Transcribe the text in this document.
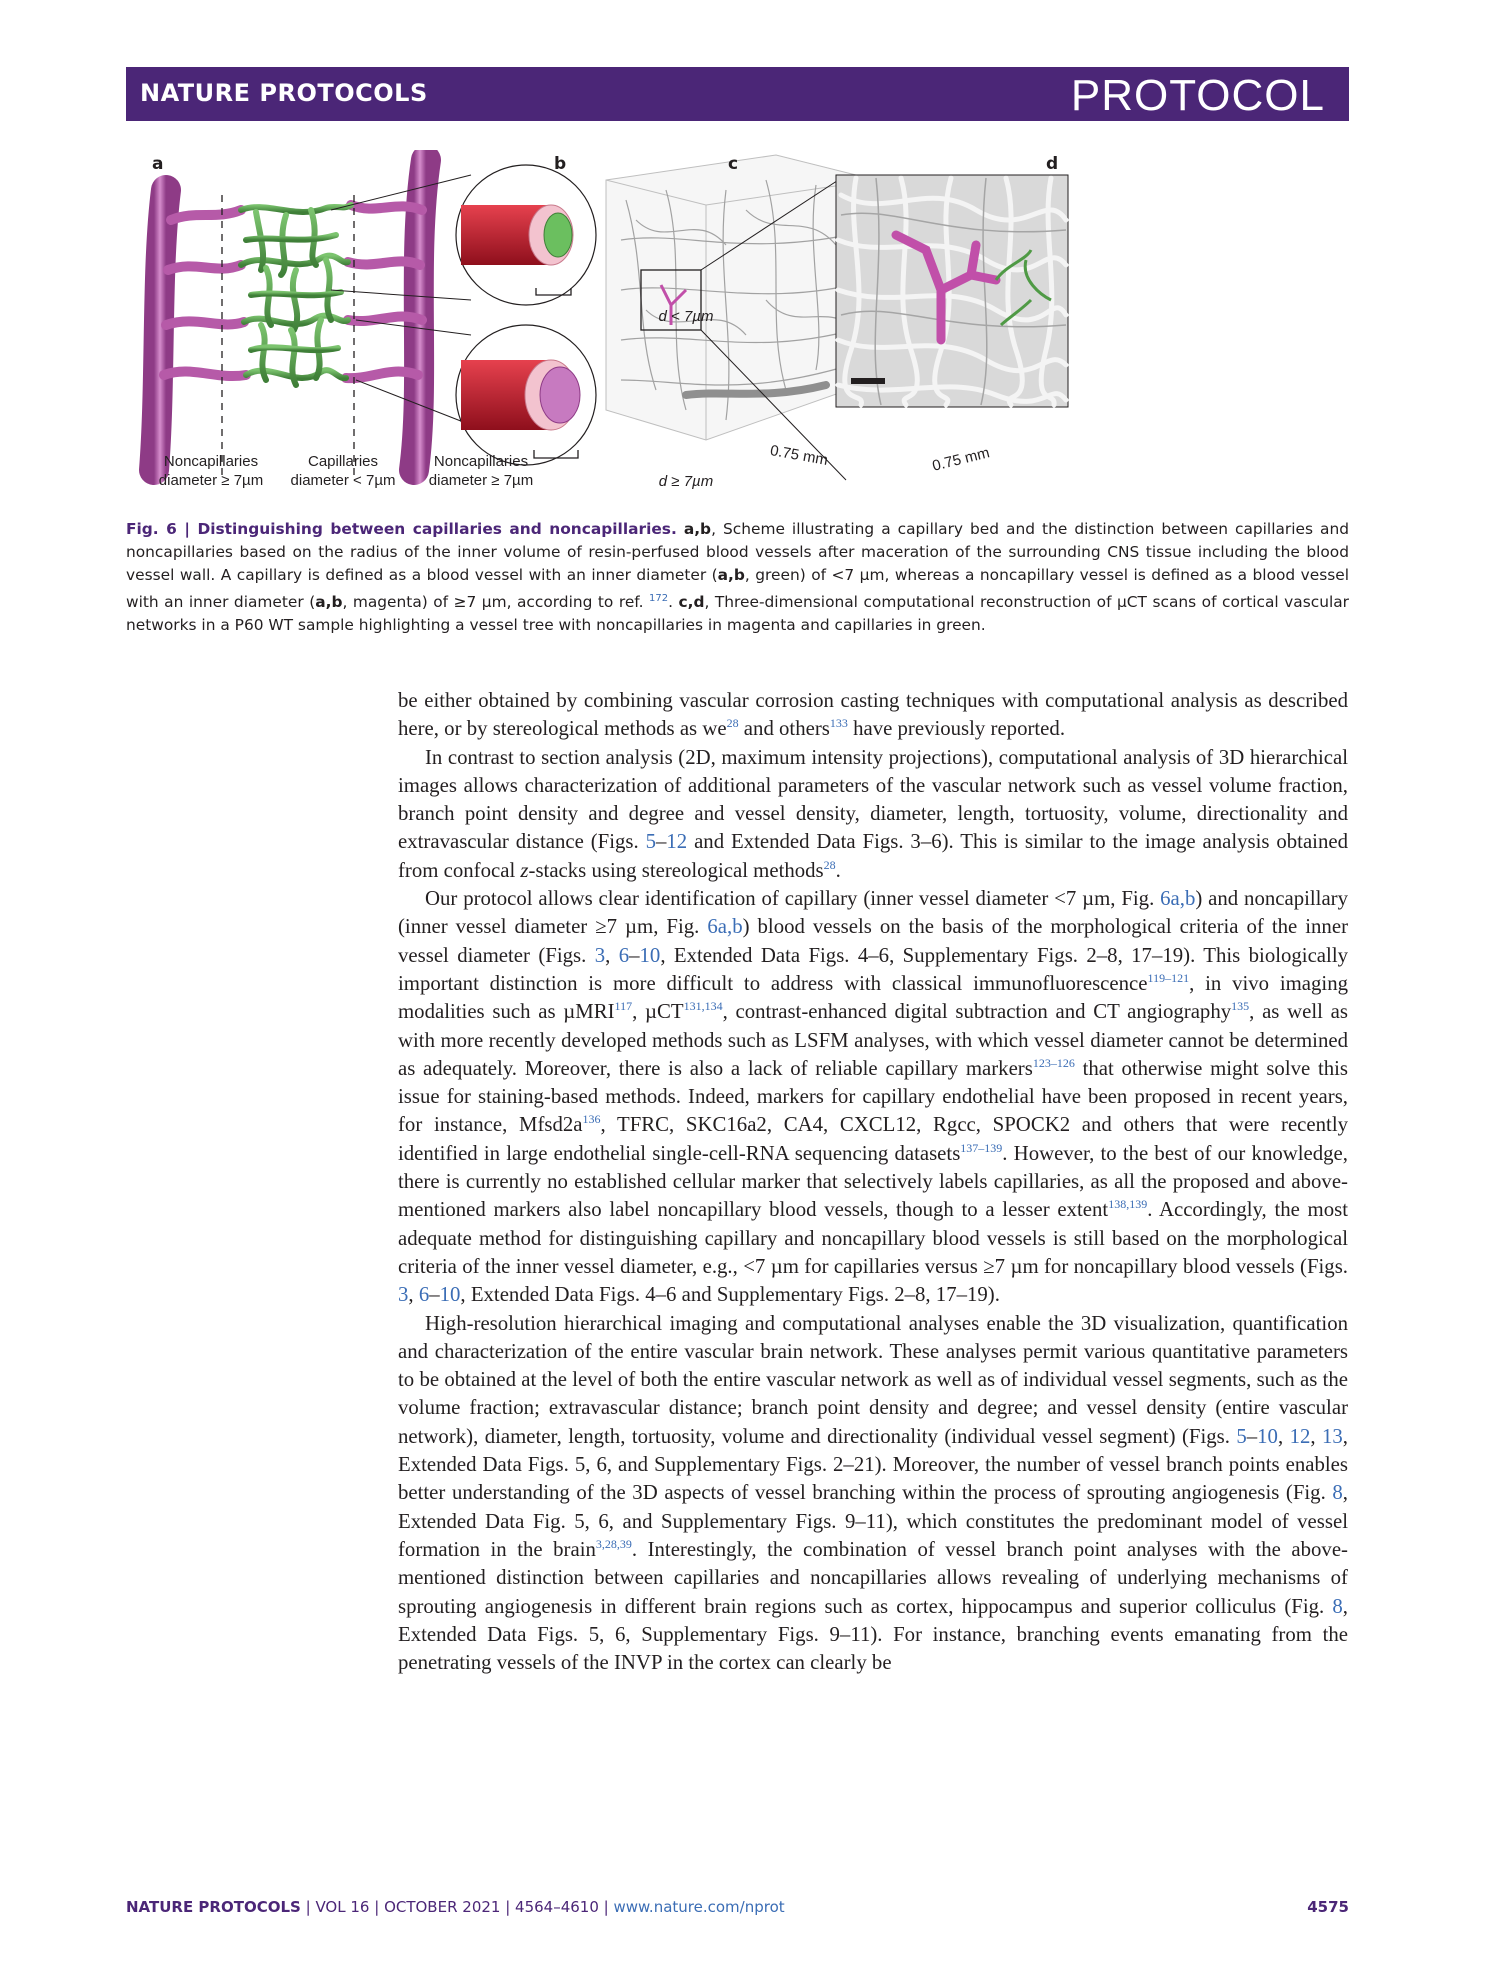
NATURE PROTOCOLS	PROTOCOL
a	b	c	d
Noncapillaries
diameter ≥ 7µm
Capillaries
diameter < 7µm
Noncapillaries
diameter ≥ 7µm
d < 7µm
d ≥ 7µm
0.75 mm	0.75 mm
Fig. 6 | Distinguishing between capillaries and noncapillaries. a,b, Scheme illustrating a capillary bed and the distinction between capillaries and noncapillaries based on the radius of the inner volume of resin-perfused blood vessels after maceration of the surrounding CNS tissue including the blood vessel wall. A capillary is defined as a blood vessel with an inner diameter (a,b, green) of <7 µm, whereas a noncapillary vessel is defined as a blood vessel with an inner diameter (a,b, magenta) of ≥7 µm, according to ref. $^{172}$. c,d, Three-dimensional computational reconstruction of µCT scans of cortical vascular networks in a P60 WT sample highlighting a vessel tree with noncapillaries in magenta and capillaries in green.

be either obtained by combining vascular corrosion casting techniques with computational analysis as described here, or by stereological methods as $we^{28}$ and others$^{133}$ have previously reported.

In contrast to section analysis (2D, maximum intensity projections), computational analysis of 3D hierarchical images allows characterization of additional parameters of the vascular network such as vessel volume fraction, branch point density and degree and vessel density, diameter, length, tortuosity, volume, directionality and extravascular distance (Figs. 5–12 and Extended Data Figs. 3–6). This is similar to the image analysis obtained from confocal z-stacks using stereological methods$^{28}$.

Our protocol allows clear identification of capillary (inner vessel diameter <7 µm, Fig. 6a,b) and noncapillary (inner vessel diameter ≥7 µm, Fig. 6a,b) blood vessels on the basis of the morphological criteria of the inner vessel diameter (Figs. 3, 6–10, Extended Data Figs. 4–6, Supplementary Figs. 2–8, 17–19). This biologically important distinction is more difficult to address with classical immunofluorescence$^{119-121}$, in vivo imaging modalities such as µMRI$^{117}$, µCT$^{131,134}$, contrast-enhanced digital subtraction and CT angiography$^{135}$, as well as with more recently developed methods such as LSFM analyses, with which vessel diameter cannot be determined as adequately. Moreover, there is also a lack of reliable capillary markers$^{123-126}$ that otherwise might solve this issue for staining-based methods. Indeed, markers for capillary endothelial have been proposed in recent years, for instance, $Mfsd2a^{136}$, TFRC, SKC16a2, CA4, CXCL12, Rgcc, SPOCK2 and others that were recently identified in large endothelial single-cell-RNA sequencing datasets$^{137-139}$. However, to the best of our knowledge, there is currently no established cellular marker that selectively labels capillaries, as all the proposed and above-mentioned markers also label noncapillary blood vessels, though to a lesser extent$^{138,139}$. Accordingly, the most adequate method for distinguishing capillary and noncapillary blood vessels is still based on the morphological criteria of the inner vessel diameter, e.g., <7 µm for capillaries versus ≥7 µm for noncapillary blood vessels (Figs. 3, 6–10, Extended Data Figs. 4–6 and Supplementary Figs. 2–8, 17–19).

High-resolution hierarchical imaging and computational analyses enable the 3D visualization, quantification and characterization of the entire vascular brain network. These analyses permit various quantitative parameters to be obtained at the level of both the entire vascular network as well as of individual vessel segments, such as the volume fraction; extravascular distance; branch point density and degree; and vessel density (entire vascular network), diameter, length, tortuosity, volume and directionality (individual vessel segment) (Figs. 5–10, 12, 13, Extended Data Figs. 5, 6, and Supplementary Figs. 2–21). Moreover, the number of vessel branch points enables better understanding of the 3D aspects of vessel branching within the process of sprouting angiogenesis (Fig. 8, Extended Data Fig. 5, 6, and Supplementary Figs. 9–11), which constitutes the predominant model of vessel formation in the brain$^{3,28,39}$. Interestingly, the combination of vessel branch point analyses with the above-mentioned distinction between capillaries and noncapillaries allows revealing of underlying mechanisms of sprouting angiogenesis in different brain regions such as cortex, hippocampus and superior colliculus (Fig. 8, Extended Data Figs. 5, 6, Supplementary Figs. 9–11). For instance, branching events emanating from the penetrating vessels of the INVP in the cortex can clearly be

NATURE PROTOCOLS | VOL 16 | OCTOBER 2021 | 4564–4610 | www.nature.com/nprot	4575
